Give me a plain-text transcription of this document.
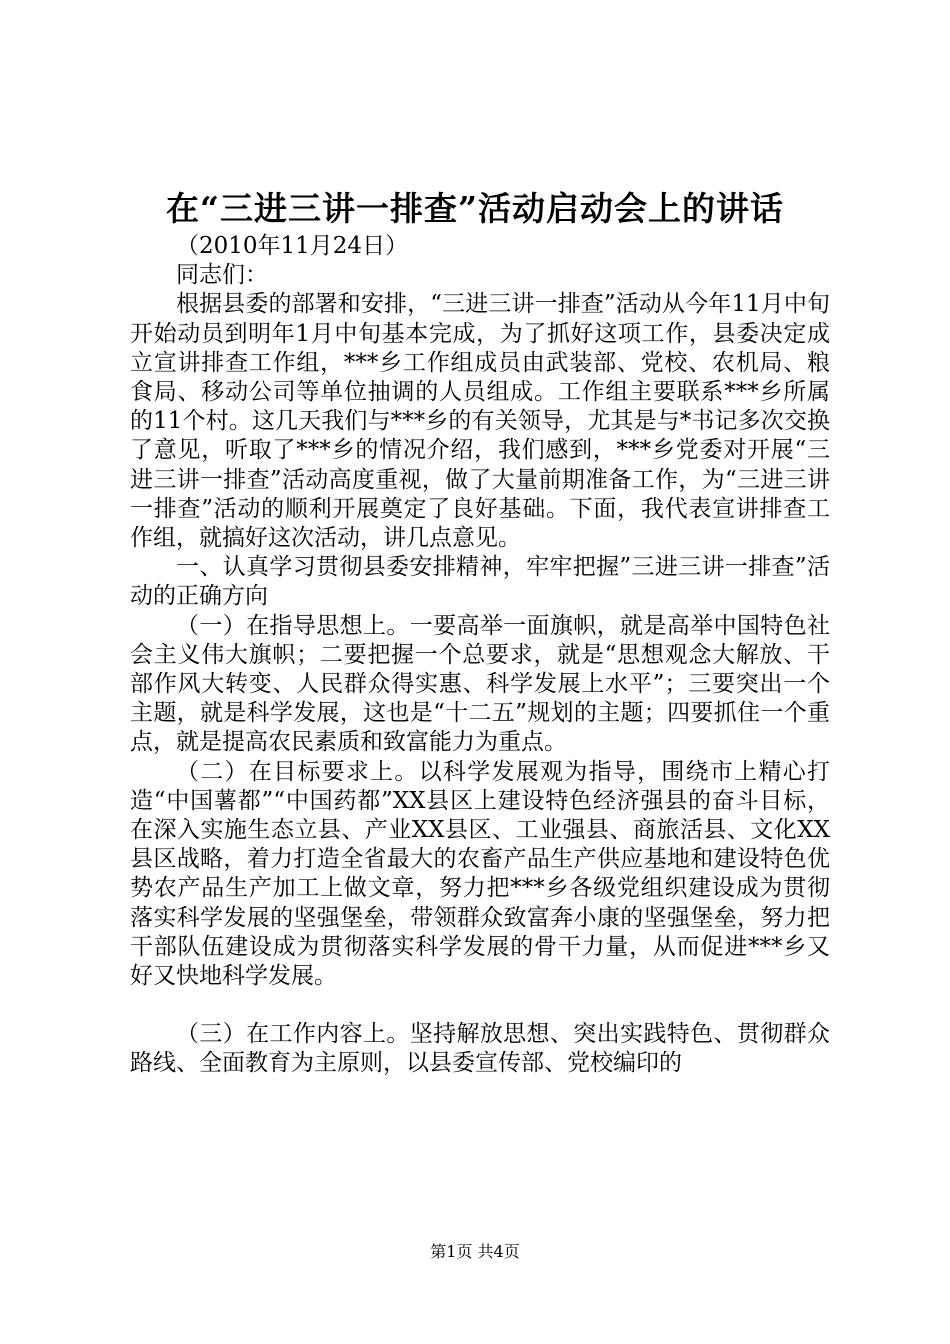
在“三进三讲一排查”活动启动会上的讲话

（2010年11月24日）

同志们：

根据县委的部署和安排，“三进三讲一排查”活动从今年11月中旬开始动员到明年1月中旬基本完成，为了抓好这项工作，县委决定成立宣讲排查工作组，***乡工作组成员由武装部、党校、农机局、粮食局、移动公司等单位抽调的人员组成。工作组主要联系***乡所属的11个村。这几天我们与***乡的有关领导，尤其是与*书记多次交换了意见，听取了***乡的情况介绍，我们感到，***乡党委对开展“三进三讲一排查”活动高度重视，做了大量前期准备工作，为“三进三讲一排查”活动的顺利开展奠定了良好基础。下面，我代表宣讲排查工作组，就搞好这次活动，讲几点意见。

一、认真学习贯彻县委安排精神，牢牢把握”三进三讲一排查”活动的正确方向

（一）在指导思想上。一要高举一面旗帜，就是高举中国特色社会主义伟大旗帜；二要把握一个总要求，就是“思想观念大解放、干部作风大转变、人民群众得实惠、科学发展上水平”；三要突出一个主题，就是科学发展，这也是“十二五”规划的主题；四要抓住一个重点，就是提高农民素质和致富能力为重点。

（二）在目标要求上。以科学发展观为指导，围绕市上精心打造“中国薯都”“中国药都”XX县区上建设特色经济强县的奋斗目标，在深入实施生态立县、产业XX县区、工业强县、商旅活县、文化XX县区战略，着力打造全省最大的农畜产品生产供应基地和建设特色优势农产品生产加工上做文章，努力把***乡各级党组织建设成为贯彻落实科学发展的坚强堡垒，带领群众致富奔小康的坚强堡垒，努力把干部队伍建设成为贯彻落实科学发展的骨干力量，从而促进***乡又好又快地科学发展。

（三）在工作内容上。坚持解放思想、突出实践特色、贯彻群众路线、全面教育为主原则，以县委宣传部、党校编印的

第1页 共4页
